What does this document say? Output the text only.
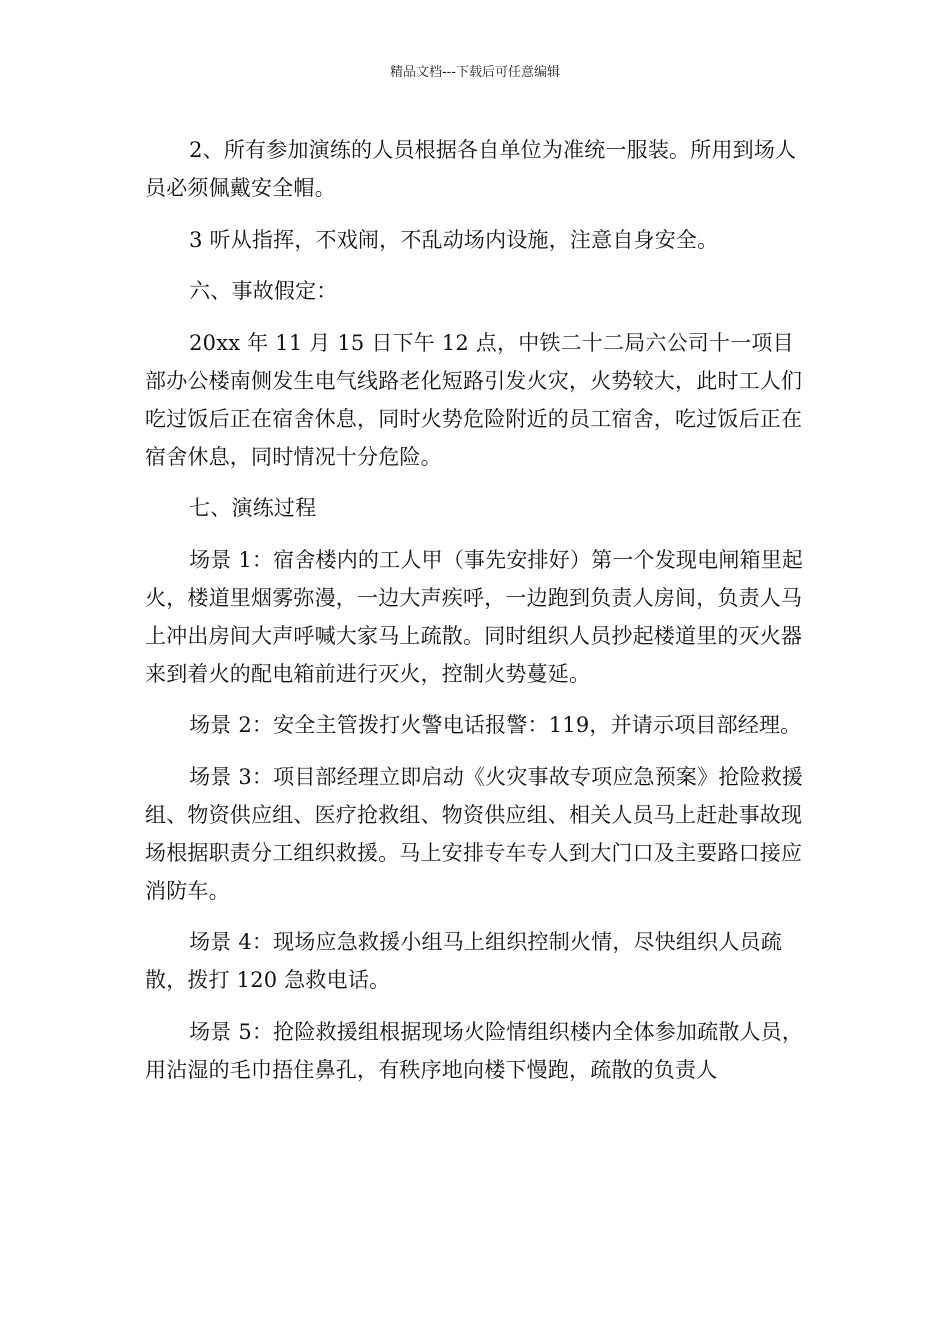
精品文档---下载后可任意编辑

2、所有参加演练的人员根据各自单位为准统一服装。所用到场人员必须佩戴安全帽。

3 听从指挥，不戏闹，不乱动场内设施，注意自身安全。

六、事故假定：

20xx 年 11 月 15 日下午 12 点，中铁二十二局六公司十一项目部办公楼南侧发生电气线路老化短路引发火灾，火势较大，此时工人们吃过饭后正在宿舍休息，同时火势危险附近的员工宿舍，吃过饭后正在宿舍休息，同时情况十分危险。

七、演练过程

场景 1：宿舍楼内的工人甲（事先安排好）第一个发现电闸箱里起火，楼道里烟雾弥漫，一边大声疾呼，一边跑到负责人房间，负责人马上冲出房间大声呼喊大家马上疏散。同时组织人员抄起楼道里的灭火器来到着火的配电箱前进行灭火，控制火势蔓延。

场景 2：安全主管拨打火警电话报警：119，并请示项目部经理。

场景 3：项目部经理立即启动《火灾事故专项应急预案》抢险救援组、物资供应组、医疗抢救组、物资供应组、相关人员马上赶赴事故现场根据职责分工组织救援。马上安排专车专人到大门口及主要路口接应消防车。

场景 4：现场应急救援小组马上组织控制火情，尽快组织人员疏散，拨打 120 急救电话。

场景 5：抢险救援组根据现场火险情组织楼内全体参加疏散人员，用沾湿的毛巾捂住鼻孔，有秩序地向楼下慢跑，疏散的负责人
